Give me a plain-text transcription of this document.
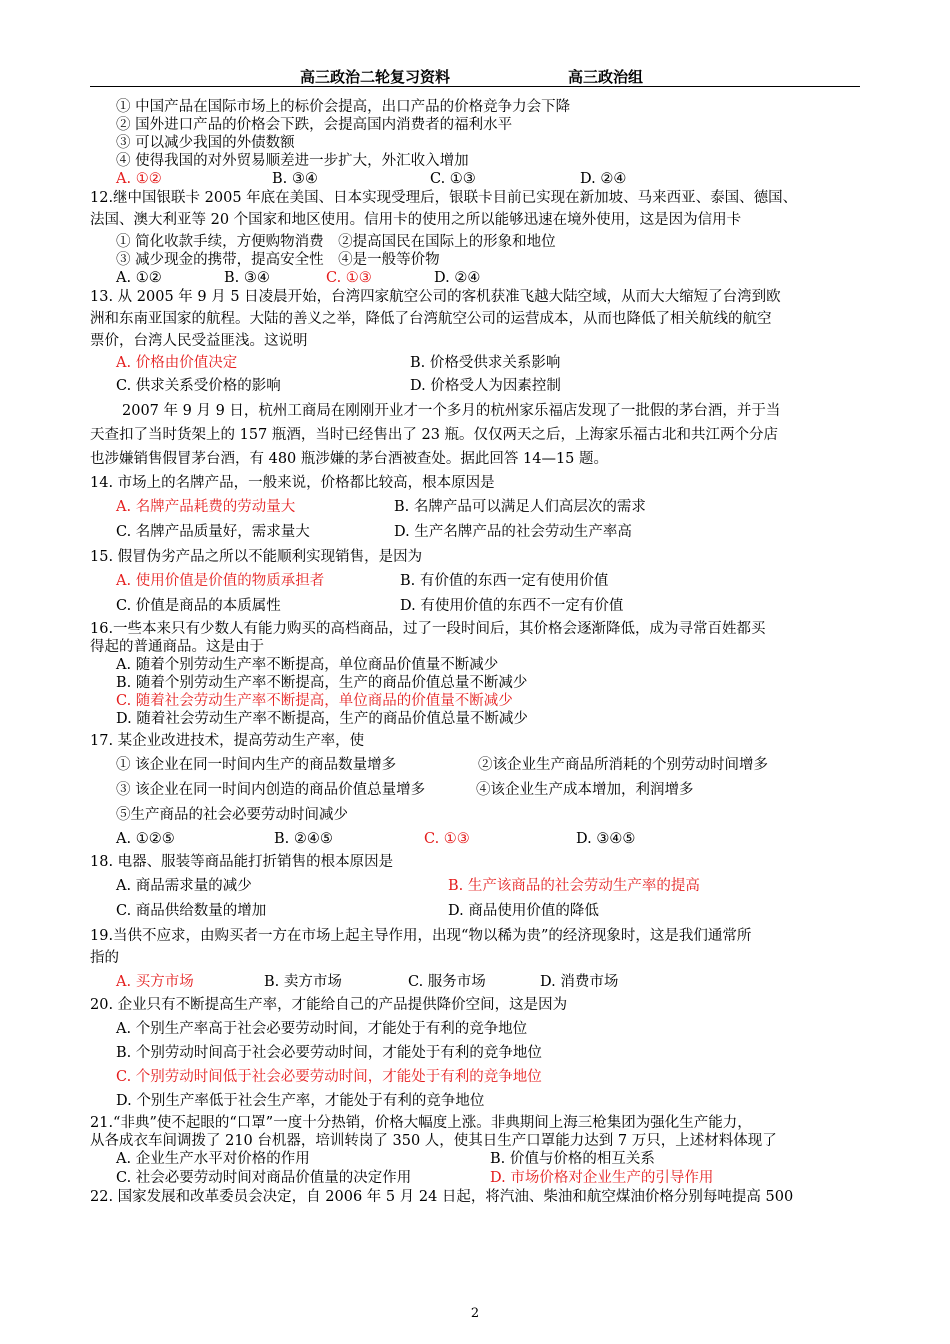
高三政治二轮复习资料	高三政治组

① 中国产品在国际市场上的标价会提高，出口产品的价格竞争力会下降

② 国外进口产品的价格会下跌，会提高国内消费者的福利水平

③ 可以减少我国的外债数额

④ 使得我国的对外贸易顺差进一步扩大，外汇收入增加

A. ①②	B. ③④	C. ①③	D. ②④

12.继中国银联卡 2005 年底在美国、日本实现受理后，银联卡目前已实现在新加坡、马来西亚、泰国、德国、

法国、澳大利亚等 20 个国家和地区使用。信用卡的使用之所以能够迅速在境外使用，这是因为信用卡

① 简化收款手续，方便购物消费　②提高国民在国际上的形象和地位

③ 减少现金的携带，提高安全性　④是一般等价物

A. ①②	B. ③④	C. ①③	D. ②④

13. 从 2005 年 9 月 5 日凌晨开始，台湾四家航空公司的客机获准飞越大陆空域，从而大大缩短了台湾到欧

洲和东南亚国家的航程。大陆的善义之举，降低了台湾航空公司的运营成本，从而也降低了相关航线的航空

票价，台湾人民受益匪浅。这说明

A. 价格由价值决定	B. 价格受供求关系影响
C. 供求关系受价格的影响	D. 价格受人为因素控制

2007 年 9 月 9 日，杭州工商局在刚刚开业才一个多月的杭州家乐福店发现了一批假的茅台酒，并于当

天查扣了当时货架上的 157 瓶酒，当时已经售出了 23 瓶。仅仅两天之后，上海家乐福古北和共江两个分店

也涉嫌销售假冒茅台酒，有 480 瓶涉嫌的茅台酒被查处。据此回答 14—15 题。

14. 市场上的名牌产品，一般来说，价格都比较高，根本原因是

A. 名牌产品耗费的劳动量大	B. 名牌产品可以满足人们高层次的需求
C. 名牌产品质量好，需求量大	D. 生产名牌产品的社会劳动生产率高

15. 假冒伪劣产品之所以不能顺利实现销售，是因为

A. 使用价值是价值的物质承担者	B. 有价值的东西一定有使用价值
C. 价值是商品的本质属性	D. 有使用价值的东西不一定有价值

16.一些本来只有少数人有能力购买的高档商品，过了一段时间后，其价格会逐渐降低，成为寻常百姓都买

得起的普通商品。这是由于

A. 随着个别劳动生产率不断提高，单位商品价值量不断减少

B. 随着个别劳动生产率不断提高，生产的商品价值总量不断减少

C. 随着社会劳动生产率不断提高，单位商品的价值量不断减少

D. 随着社会劳动生产率不断提高，生产的商品价值总量不断减少

17. 某企业改进技术，提高劳动生产率，使

① 该企业在同一时间内生产的商品数量增多	②该企业生产商品所消耗的个别劳动时间增多
③ 该企业在同一时间内创造的商品价值总量增多	④该企业生产成本增加，利润增多

⑤生产商品的社会必要劳动时间减少

A. ①②⑤	B. ②④⑤	C. ①③	D. ③④⑤

18. 电器、服装等商品能打折销售的根本原因是

A. 商品需求量的减少	B. 生产该商品的社会劳动生产率的提高
C. 商品供给数量的增加	D. 商品使用价值的降低

19.当供不应求，由购买者一方在市场上起主导作用，出现“物以稀为贵”的经济现象时，这是我们通常所

指的

A. 买方市场	B. 卖方市场	C. 服务市场	D. 消费市场

20. 企业只有不断提高生产率，才能给自己的产品提供降价空间，这是因为

A. 个别生产率高于社会必要劳动时间，才能处于有利的竞争地位

B. 个别劳动时间高于社会必要劳动时间，才能处于有利的竞争地位

C. 个别劳动时间低于社会必要劳动时间，才能处于有利的竞争地位

D. 个别生产率低于社会生产率，才能处于有利的竞争地位

21.“非典”使不起眼的“口罩”一度十分热销，价格大幅度上涨。非典期间上海三枪集团为强化生产能力，

从各成衣车间调拨了 210 台机器，培训转岗了 350 人，使其日生产口罩能力达到 7 万只，上述材料体现了

A. 企业生产水平对价格的作用	B. 价值与价格的相互关系
C. 社会必要劳动时间对商品价值量的决定作用	D. 市场价格对企业生产的引导作用

22. 国家发展和改革委员会决定，自 2006 年 5 月 24 日起，将汽油、柴油和航空煤油价格分别每吨提高 500

2
